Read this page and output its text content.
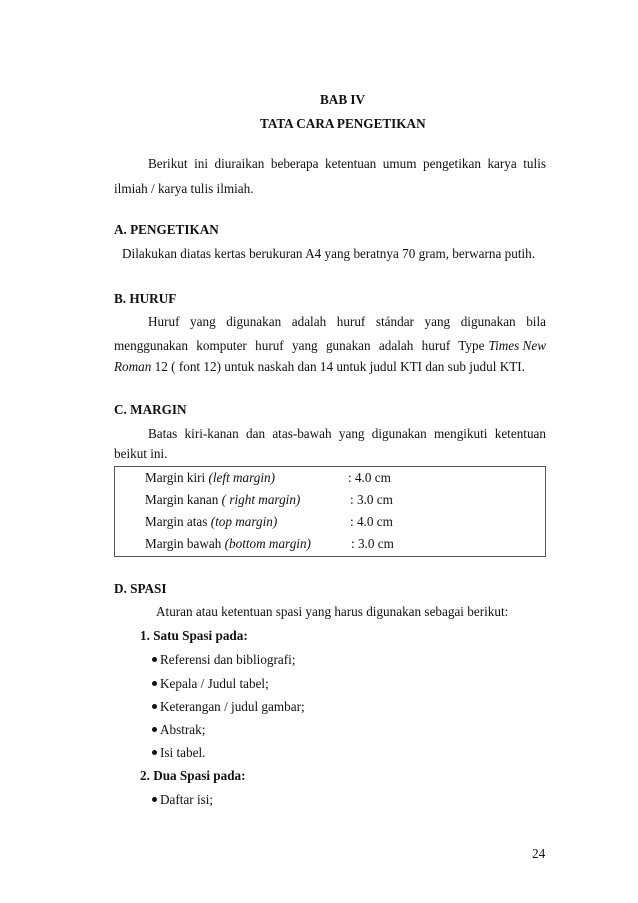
BAB IV
TATA CARA PENGETIKAN
Berikut ini diuraikan beberapa ketentuan umum pengetikan karya tulis
ilmiah / karya tulis ilmiah.
A. PENGETIKAN
Dilakukan diatas kertas berukuran A4 yang beratnya 70 gram, berwarna putih.
B. HURUF
Huruf yang digunakan adalah huruf stándar yang digunakan bila
menggunakan komputer huruf yang gunakan adalah huruf Type Times New
Roman 12 ( font 12) untuk naskah dan 14 untuk judul KTI dan sub judul KTI.
C. MARGIN
Batas kiri-kanan dan atas-bawah yang digunakan mengikuti ketentuan
beikut ini.
Margin kiri (left margin)	: 4.0 cm
Margin kanan ( right margin)	: 3.0 cm
Margin atas (top margin)	: 4.0 cm
Margin bawah (bottom margin)	: 3.0 cm
D. SPASI
Aturan atau ketentuan spasi yang harus digunakan sebagai berikut:
1. Satu Spasi pada:
Referensi dan bibliografi;
Kepala / Judul tabel;
Keterangan / judul gambar;
Abstrak;
Isi tabel.
2. Dua Spasi pada:
Daftar isi;
24
